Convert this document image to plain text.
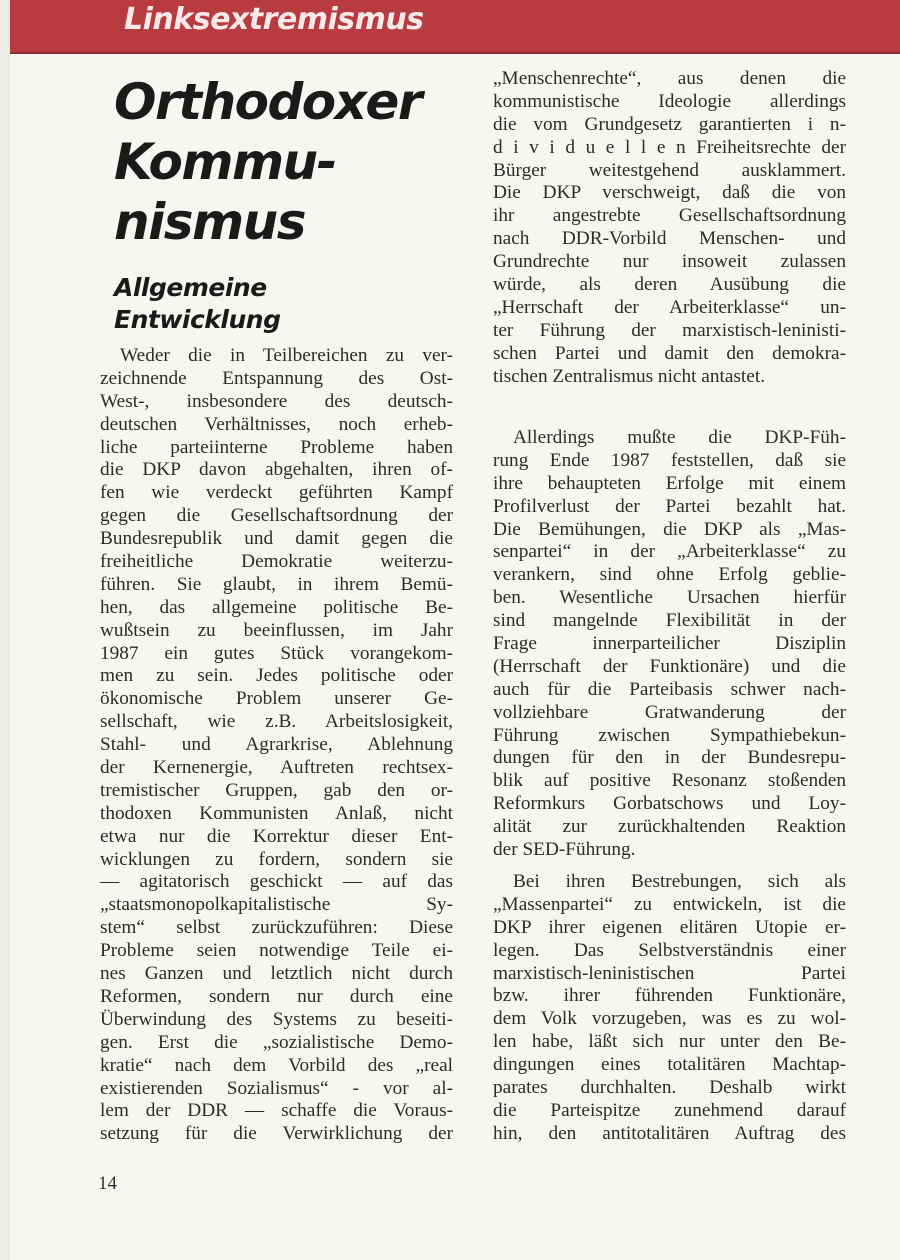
Linksextremismus
Orthodoxer
Kommu-
nismus
Allgemeine
Entwicklung
Weder die in Teilbereichen zu ver-
zeichnende Entspannung des Ost-
West-, insbesondere des deutsch-
deutschen Verhältnisses, noch erheb-
liche parteiinterne Probleme haben
die DKP davon abgehalten, ihren of-
fen wie verdeckt geführten Kampf
gegen die Gesellschaftsordnung der
Bundesrepublik und damit gegen die
freiheitliche Demokratie weiterzu-
führen. Sie glaubt, in ihrem Bemü-
hen, das allgemeine politische Be-
wußtsein zu beeinflussen, im Jahr
1987 ein gutes Stück vorangekom-
men zu sein. Jedes politische oder
ökonomische Problem unserer Ge-
sellschaft, wie z.B. Arbeitslosigkeit,
Stahl- und Agrarkrise, Ablehnung
der Kernenergie, Auftreten rechtsex-
tremistischer Gruppen, gab den or-
thodoxen Kommunisten Anlaß, nicht
etwa nur die Korrektur dieser Ent-
wicklungen zu fordern, sondern sie
— agitatorisch geschickt — auf das
„staatsmonopolkapitalistische Sy-
stem“ selbst zurückzuführen: Diese
Probleme seien notwendige Teile ei-
nes Ganzen und letztlich nicht durch
Reformen, sondern nur durch eine
Überwindung des Systems zu beseiti-
gen. Erst die „sozialistische Demo-
kratie“ nach dem Vorbild des „real
existierenden Sozialismus“ - vor al-
lem der DDR — schaffe die Voraus-
setzung für die Verwirklichung der
„Menschenrechte“, aus denen die
kommunistische Ideologie allerdings
die vom Grundgesetz garantierten i n-
d i v i d u e l l e n Freiheitsrechte der
Bürger weitestgehend ausklammert.
Die DKP verschweigt, daß die von
ihr angestrebte Gesellschaftsordnung
nach DDR-Vorbild Menschen- und
Grundrechte nur insoweit zulassen
würde, als deren Ausübung die
„Herrschaft der Arbeiterklasse“ un-
ter Führung der marxistisch-leninisti-
schen Partei und damit den demokra-
tischen Zentralismus nicht antastet.
Allerdings mußte die DKP-Füh-
rung Ende 1987 feststellen, daß sie
ihre behaupteten Erfolge mit einem
Profilverlust der Partei bezahlt hat.
Die Bemühungen, die DKP als „Mas-
senpartei“ in der „Arbeiterklasse“ zu
verankern, sind ohne Erfolg geblie-
ben. Wesentliche Ursachen hierfür
sind mangelnde Flexibilität in der
Frage innerparteilicher Disziplin
(Herrschaft der Funktionäre) und die
auch für die Parteibasis schwer nach-
vollziehbare Gratwanderung der
Führung zwischen Sympathiebekun-
dungen für den in der Bundesrepu-
blik auf positive Resonanz stoßenden
Reformkurs Gorbatschows und Loy-
alität zur zurückhaltenden Reaktion
der SED-Führung.
Bei ihren Bestrebungen, sich als
„Massenpartei“ zu entwickeln, ist die
DKP ihrer eigenen elitären Utopie er-
legen. Das Selbstverständnis einer
marxistisch-leninistischen Partei
bzw. ihrer führenden Funktionäre,
dem Volk vorzugeben, was es zu wol-
len habe, läßt sich nur unter den Be-
dingungen eines totalitären Machtap-
parates durchhalten. Deshalb wirkt
die Parteispitze zunehmend darauf
hin, den antitotalitären Auftrag des
14
